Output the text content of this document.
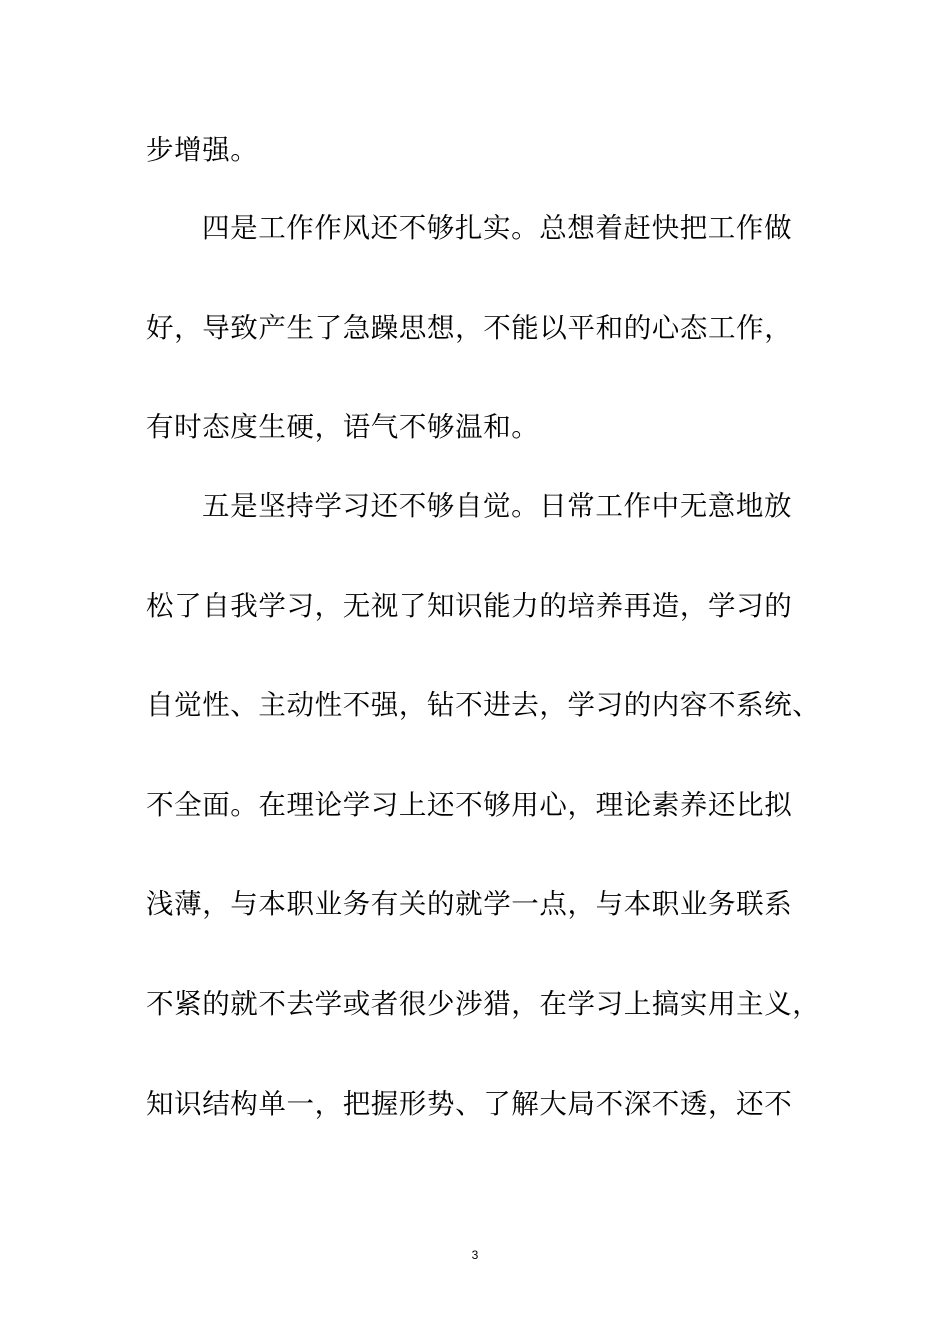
步增强。
四是工作作风还不够扎实。总想着赶快把工作做
好，导致产生了急躁思想，不能以平和的心态工作，
有时态度生硬，语气不够温和。
五是坚持学习还不够自觉。日常工作中无意地放
松了自我学习，无视了知识能力的培养再造，学习的
自觉性、主动性不强，钻不进去，学习的内容不系统、
不全面。在理论学习上还不够用心，理论素养还比拟
浅薄，与本职业务有关的就学一点，与本职业务联系
不紧的就不去学或者很少涉猎，在学习上搞实用主义，
知识结构单一，把握形势、了解大局不深不透，还不
3
